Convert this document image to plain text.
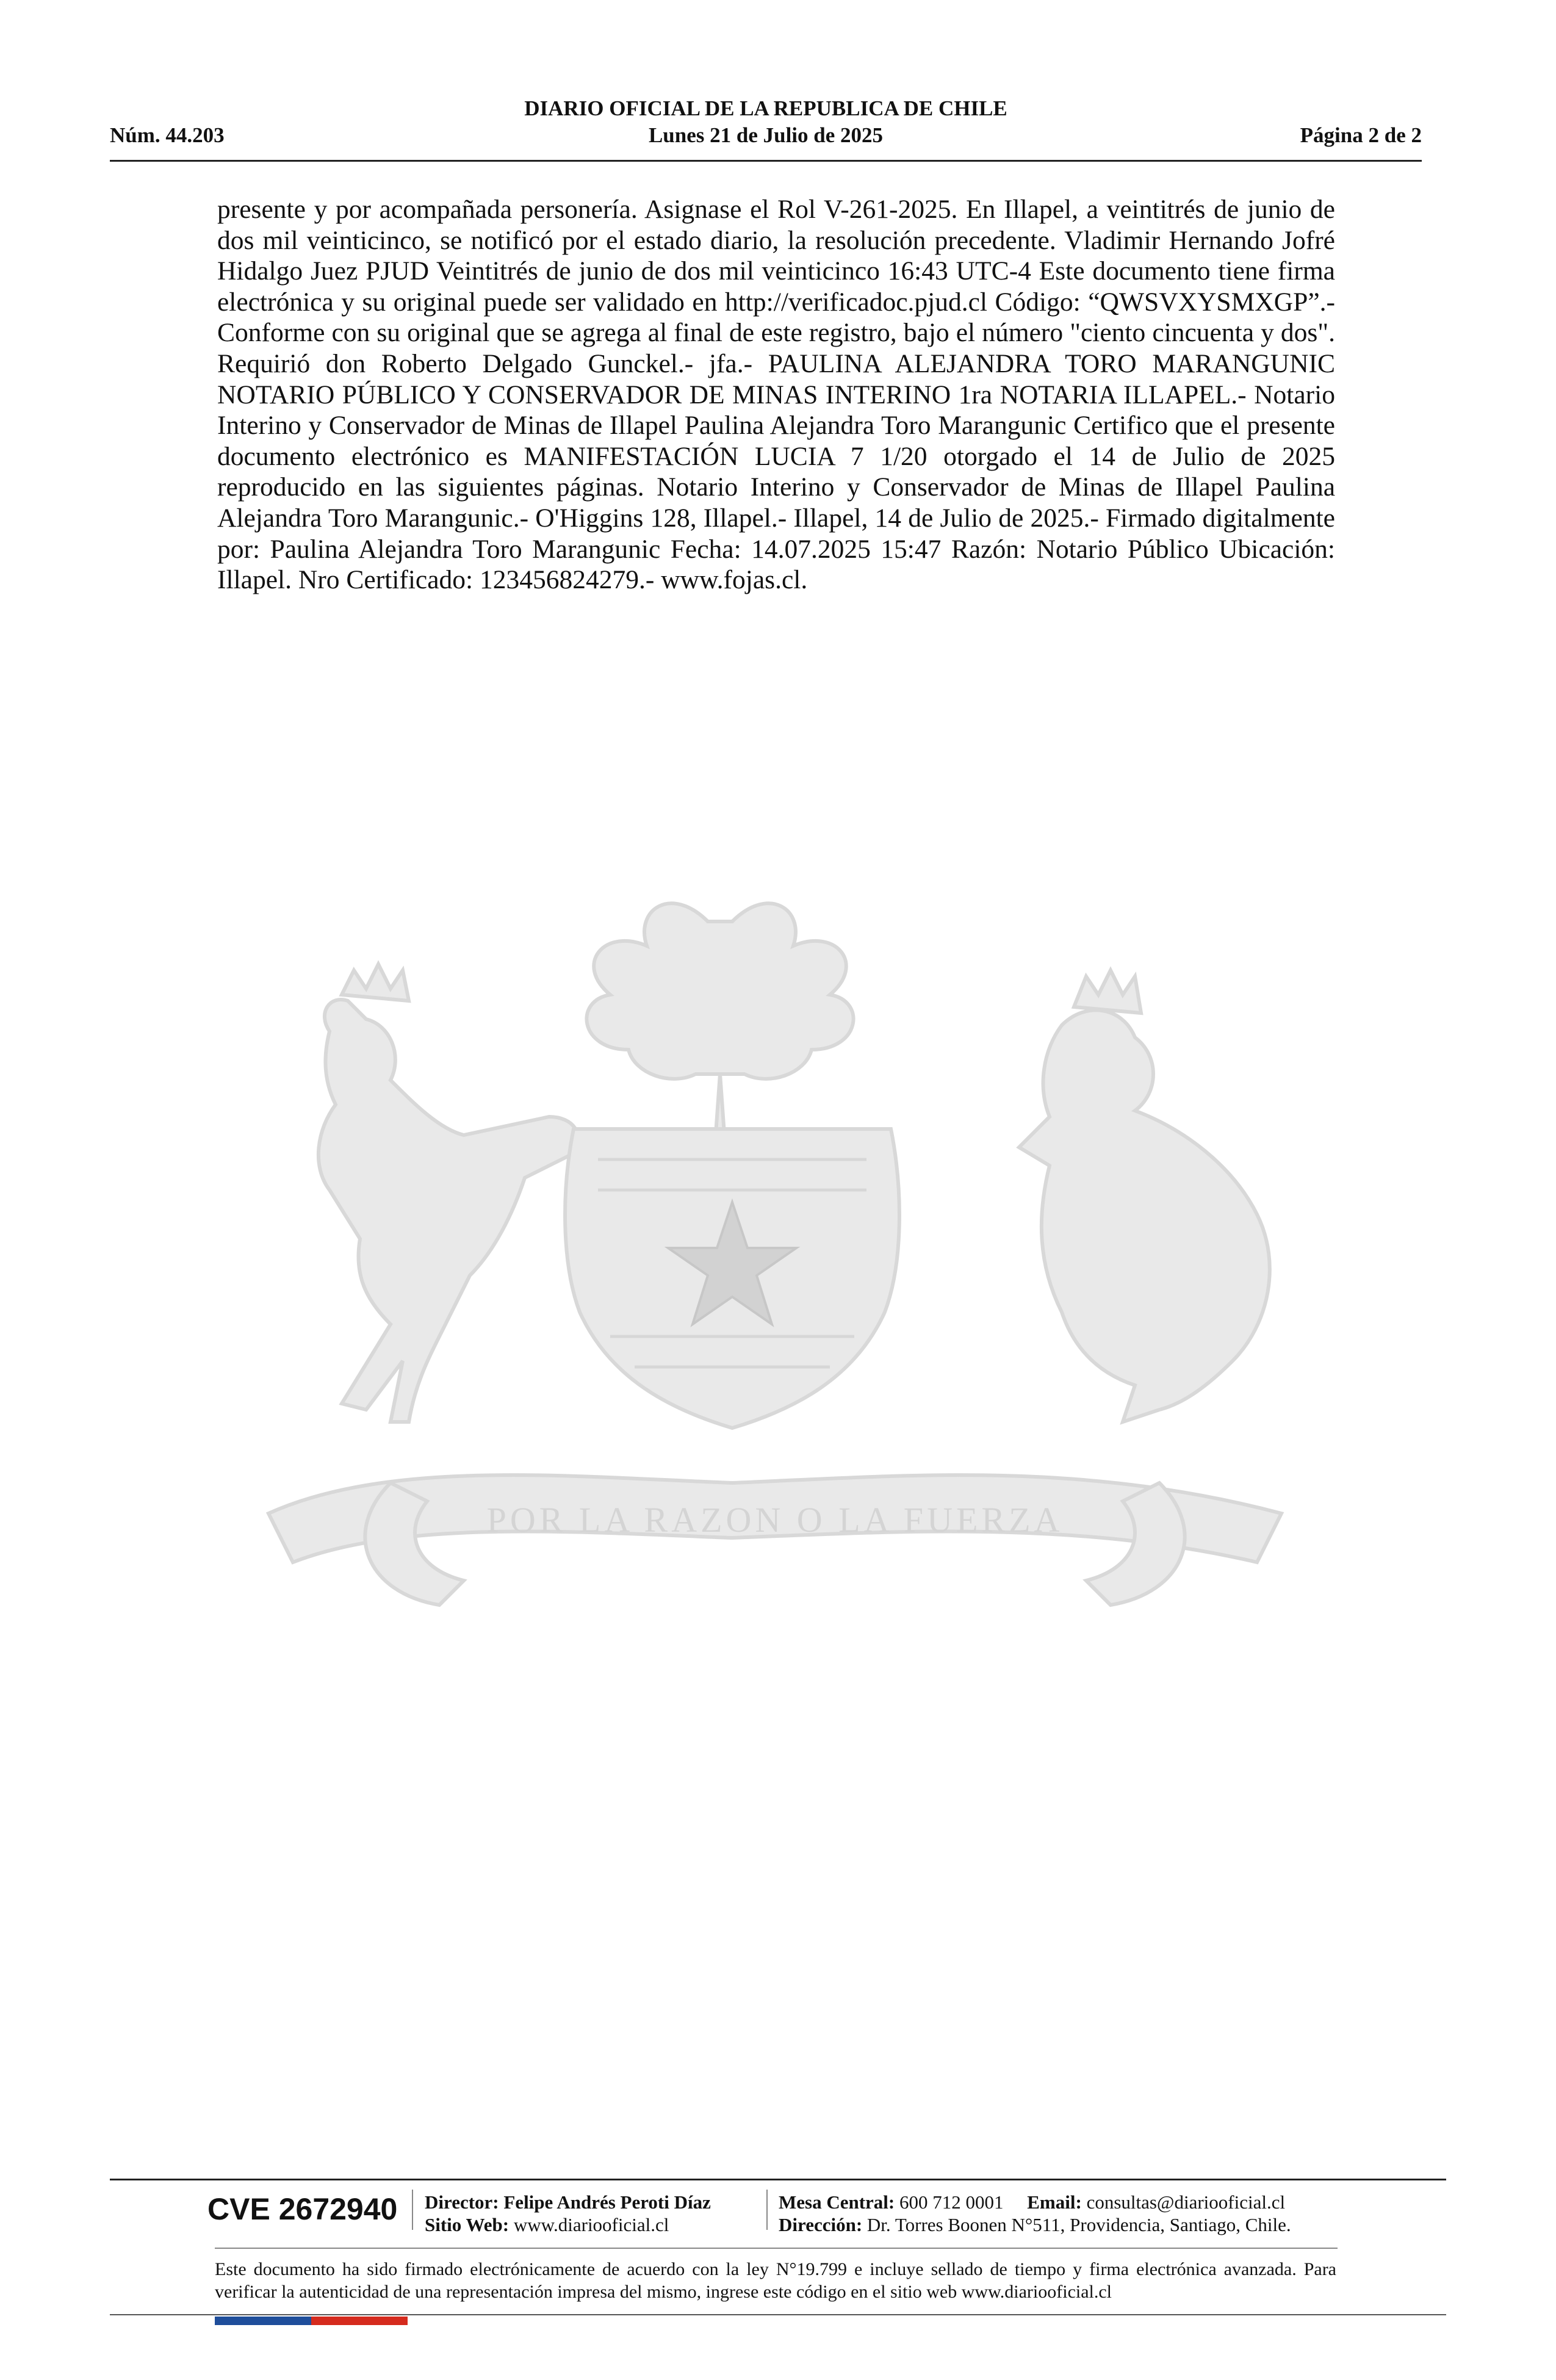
DIARIO OFICIAL DE LA REPUBLICA DE CHILE
Núm. 44.203	Lunes 21 de Julio de 2025	Página 2 de 2

presente y por acompañada personería. Asignase el Rol V-261-2025. En Illapel, a veintitrés de junio de dos mil veinticinco, se notificó por el estado diario, la resolución precedente. Vladimir Hernando Jofré Hidalgo Juez PJUD Veintitrés de junio de dos mil veinticinco 16:43 UTC-4 Este documento tiene firma electrónica y su original puede ser validado en http://verificadoc.pjud.cl Código: “QWSVXYSMXGP”.- Conforme con su original que se agrega al final de este registro, bajo el número "ciento cincuenta y dos". Requirió don Roberto Delgado Gunckel.- jfa.- PAULINA ALEJANDRA TORO MARANGUNIC NOTARIO PÚBLICO Y CONSERVADOR DE MINAS INTERINO 1ra NOTARIA ILLAPEL.- Notario Interino y Conservador de Minas de Illapel Paulina Alejandra Toro Marangunic Certifico que el presente documento electrónico es MANIFESTACIÓN LUCIA 7 1/20 otorgado el 14 de Julio de 2025 reproducido en las siguientes páginas. Notario Interino y Conservador de Minas de Illapel Paulina Alejandra Toro Marangunic.- O'Higgins 128, Illapel.- Illapel, 14 de Julio de 2025.- Firmado digitalmente por: Paulina Alejandra Toro Marangunic Fecha: 14.07.2025 15:47 Razón: Notario Público Ubicación: Illapel. Nro Certificado: 123456824279.- www.fojas.cl.

POR LA RAZON O LA FUERZA
CVE 2672940 Director: Felipe Andrés Peroti Díaz
Sitio Web: www.diariooficial.cl
Mesa Central: 600 712 0001 Email: consultas@diariooficial.cl
Dirección: Dr. Torres Boonen N°511, Providencia, Santiago, Chile.

Este documento ha sido firmado electrónicamente de acuerdo con la ley N°19.799 e incluye sellado de tiempo y firma electrónica avanzada. Para verificar la autenticidad de una representación impresa del mismo, ingrese este código en el sitio web www.diariooficial.cl
